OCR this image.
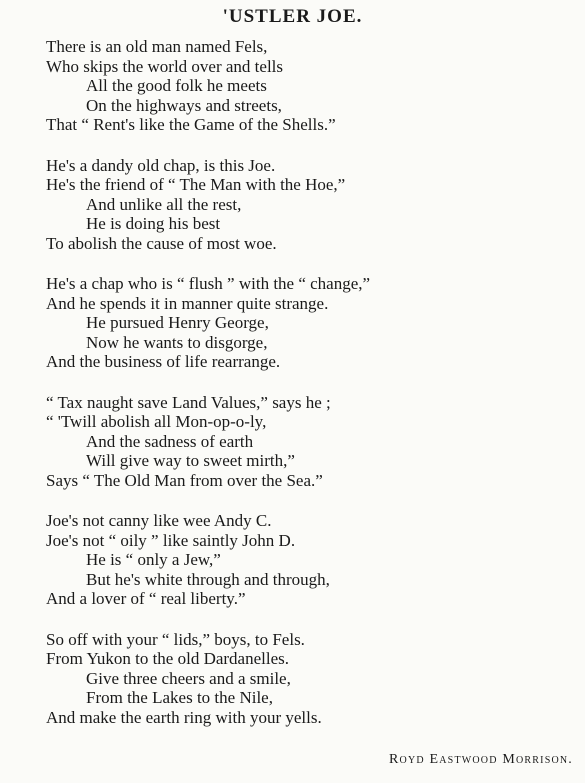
'USTLER JOE.

There is an old man named Fels,
Who skips the world over and tells
All the good folk he meets
On the highways and streets,
That “ Rent's like the Game of the Shells.”

He's a dandy old chap, is this Joe.
He's the friend of “ The Man with the Hoe,”
And unlike all the rest,
He is doing his best
To abolish the cause of most woe.

He's a chap who is “ flush ” with the “ change,”
And he spends it in manner quite strange.
He pursued Henry George,
Now he wants to disgorge,
And the business of life rearrange.

“ Tax naught save Land Values,” says he ;
“ 'Twill abolish all Mon-op-o-ly,
And the sadness of earth
Will give way to sweet mirth,”
Says “ The Old Man from over the Sea.”

Joe's not canny like wee Andy C.
Joe's not “ oily ” like saintly John D.
He is “ only a Jew,”
But he's white through and through,
And a lover of “ real liberty.”

So off with your “ lids,” boys, to Fels.
From Yukon to the old Dardanelles.
Give three cheers and a smile,
From the Lakes to the Nile,
And make the earth ring with your yells.

Royd Eastwood Morrison.
